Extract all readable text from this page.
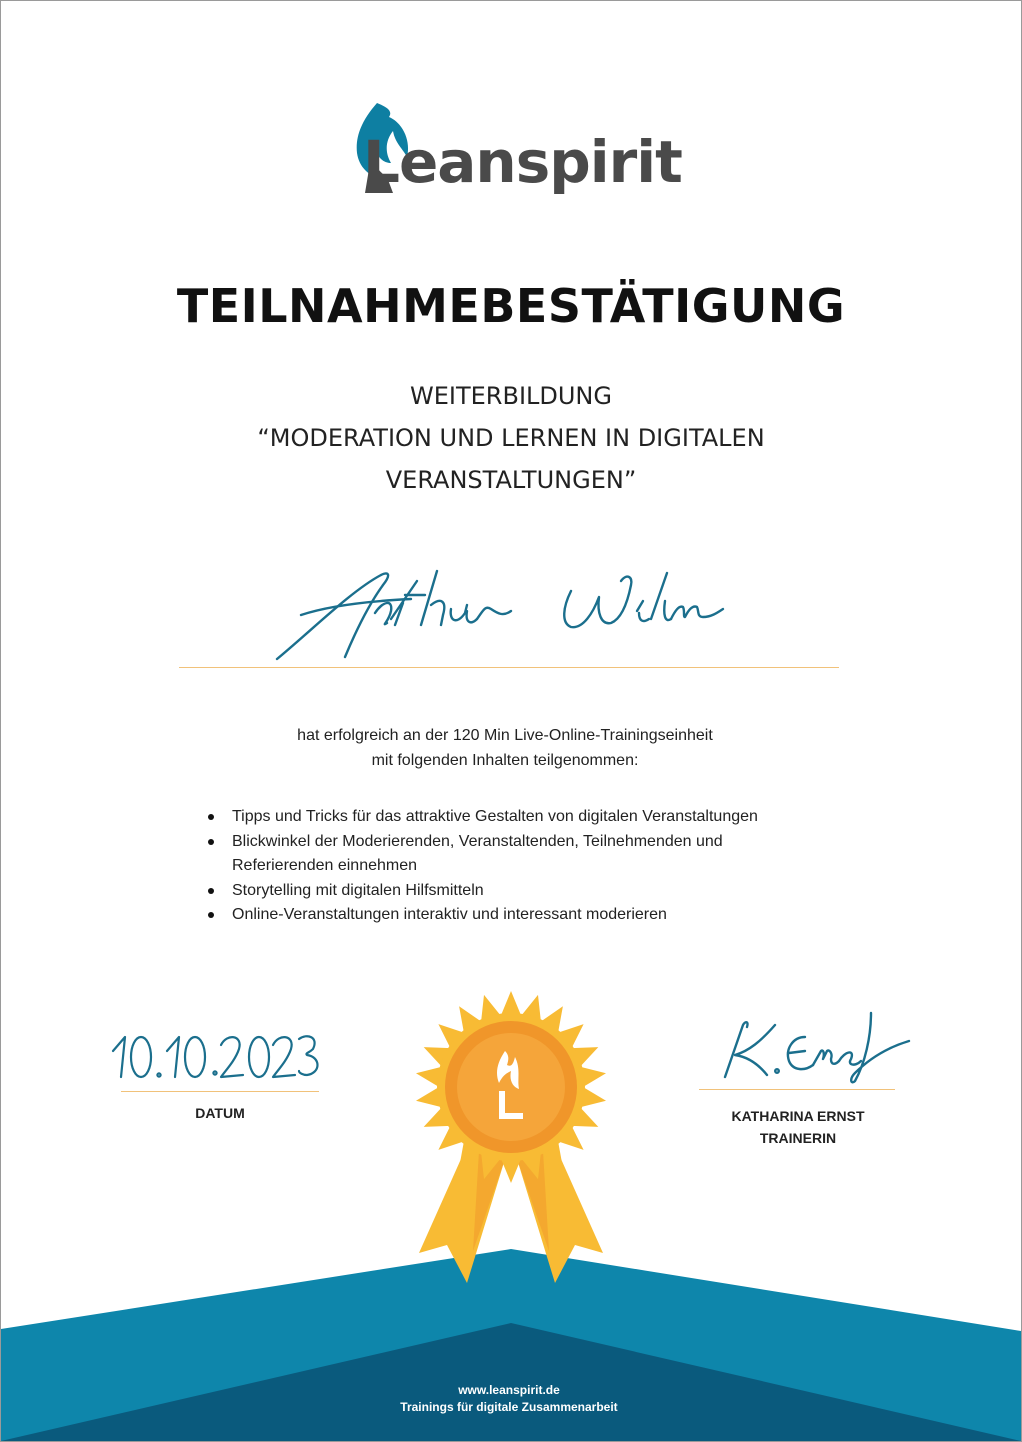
Leanspirit
TEILNAHMEBESTÄTIGUNG
WEITERBILDUNG
“MODERATION UND LERNEN IN DIGITALEN
VERANSTALTUNGEN”
hat erfolgreich an der 120 Min Live-Online-Trainingseinheit
mit folgenden Inhalten teilgenommen:
Tipps und Tricks für das attraktive Gestalten von digitalen Veranstaltungen
Blickwinkel der Moderierenden, Veranstaltenden, Teilnehmenden und Referierenden einnehmen
Storytelling mit digitalen Hilfsmitteln
Online-Veranstaltungen interaktiv und interessant moderieren
DATUM	KATHARINA ERNST
TRAINERIN
www.leanspirit.de
Trainings für digitale Zusammenarbeit
